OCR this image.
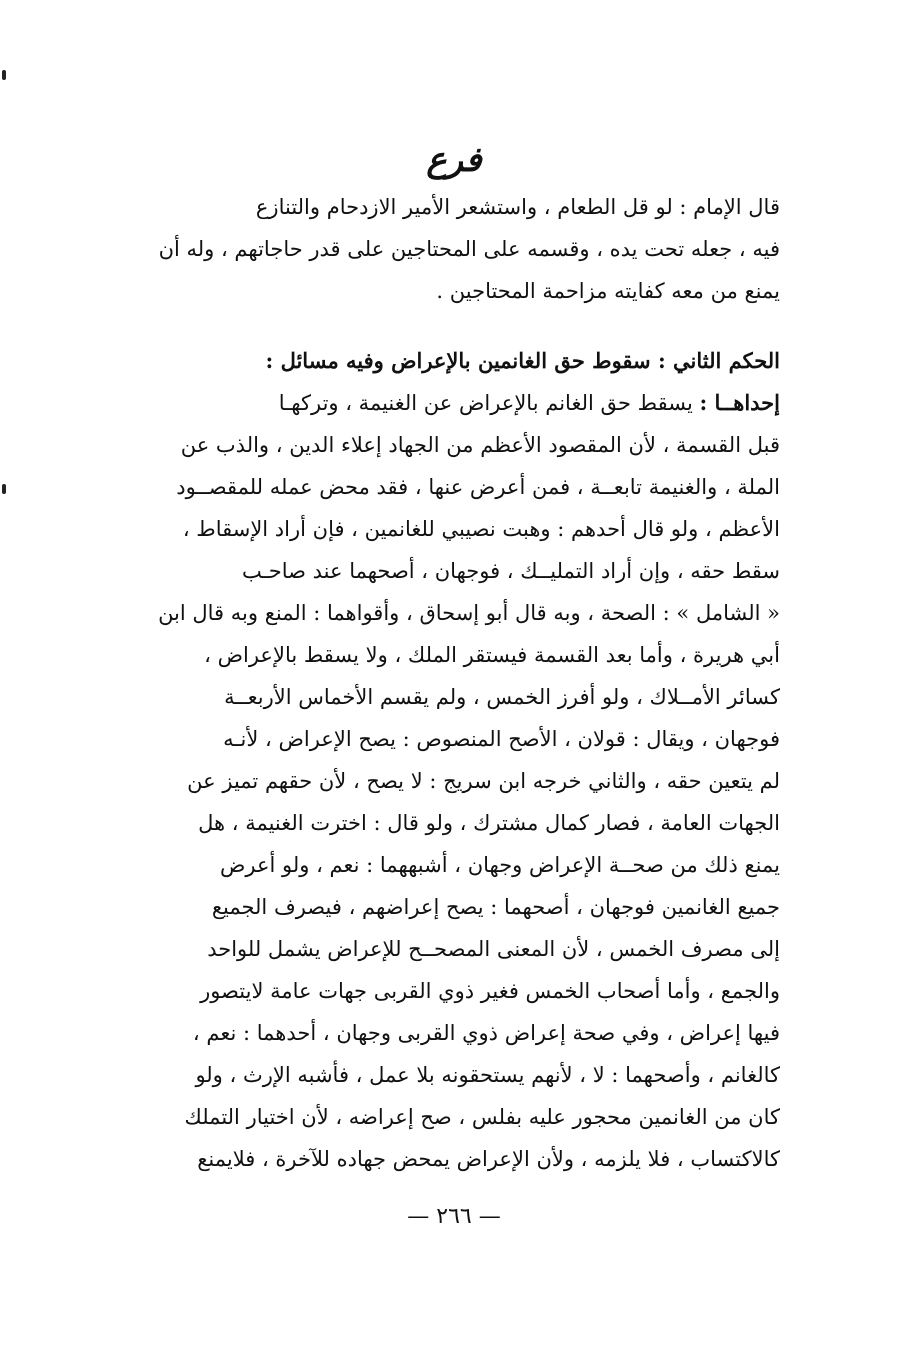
فرع
قال الإمام : لو قل الطعام ، واستشعر الأمير الازدحام والتنازع
فيه ، جعله تحت يده ، وقسمه على المحتاجين على قدر حاجاتهم ، وله أن
يمنع من معه كفايته مزاحمة المحتاجين .
الحكم الثاني : سقوط حق الغانمين بالإعراض وفيه مسائل :
إحداهــا : يسقط حق الغانم بالإعراض عن الغنيمة ، وتركهـا
قبل القسمة ، لأن المقصود الأعظم من الجهاد إعلاء الدين ، والذب عن
الملة ، والغنيمة تابعــة ، فمن أعرض عنها ، فقد محض عمله للمقصــود
الأعظم ، ولو قال أحدهم : وهبت نصيبي للغانمين ، فإن أراد الإسقاط ،
سقط حقه ، وإن أراد التمليــك ، فوجهان ، أصحهما عند صاحـب
« الشامل » : الصحة ، وبه قال أبو إسحاق ، وأقواهما : المنع وبه قال ابن
أبي هريرة ، وأما بعد القسمة فيستقر الملك ، ولا يسقط بالإعراض ،
كسائر الأمــلاك ، ولو أفرز الخمس ، ولم يقسم الأخماس الأربعــة
فوجهان ، ويقال : قولان ، الأصح المنصوص : يصح الإعراض ، لأنـه
لم يتعين حقه ، والثاني خرجه ابن سريج : لا يصح ، لأن حقهم تميز عن
الجهات العامة ، فصار كمال مشترك ، ولو قال : اخترت الغنيمة ، هل
يمنع ذلك من صحــة الإعراض وجهان ، أشبههما : نعم ، ولو أعرض
جميع الغانمين فوجهان ، أصحهما : يصح إعراضهم ، فيصرف الجميع
إلى مصرف الخمس ، لأن المعنى المصحــح للإعراض يشمل للواحد
والجمع ، وأما أصحاب الخمس فغير ذوي القربى جهات عامة لايتصور
فيها إعراض ، وفي صحة إعراض ذوي القربى وجهان ، أحدهما : نعم ،
كالغانم ، وأصحهما : لا ، لأنهم يستحقونه بلا عمل ، فأشبه الإرث ، ولو
كان من الغانمين محجور عليه بفلس ، صح إعراضه ، لأن اختيار التملك
كالاكتساب ، فلا يلزمه ، ولأن الإعراض يمحض جهاده للآخرة ، فلايمنع
— ٢٦٦ —
